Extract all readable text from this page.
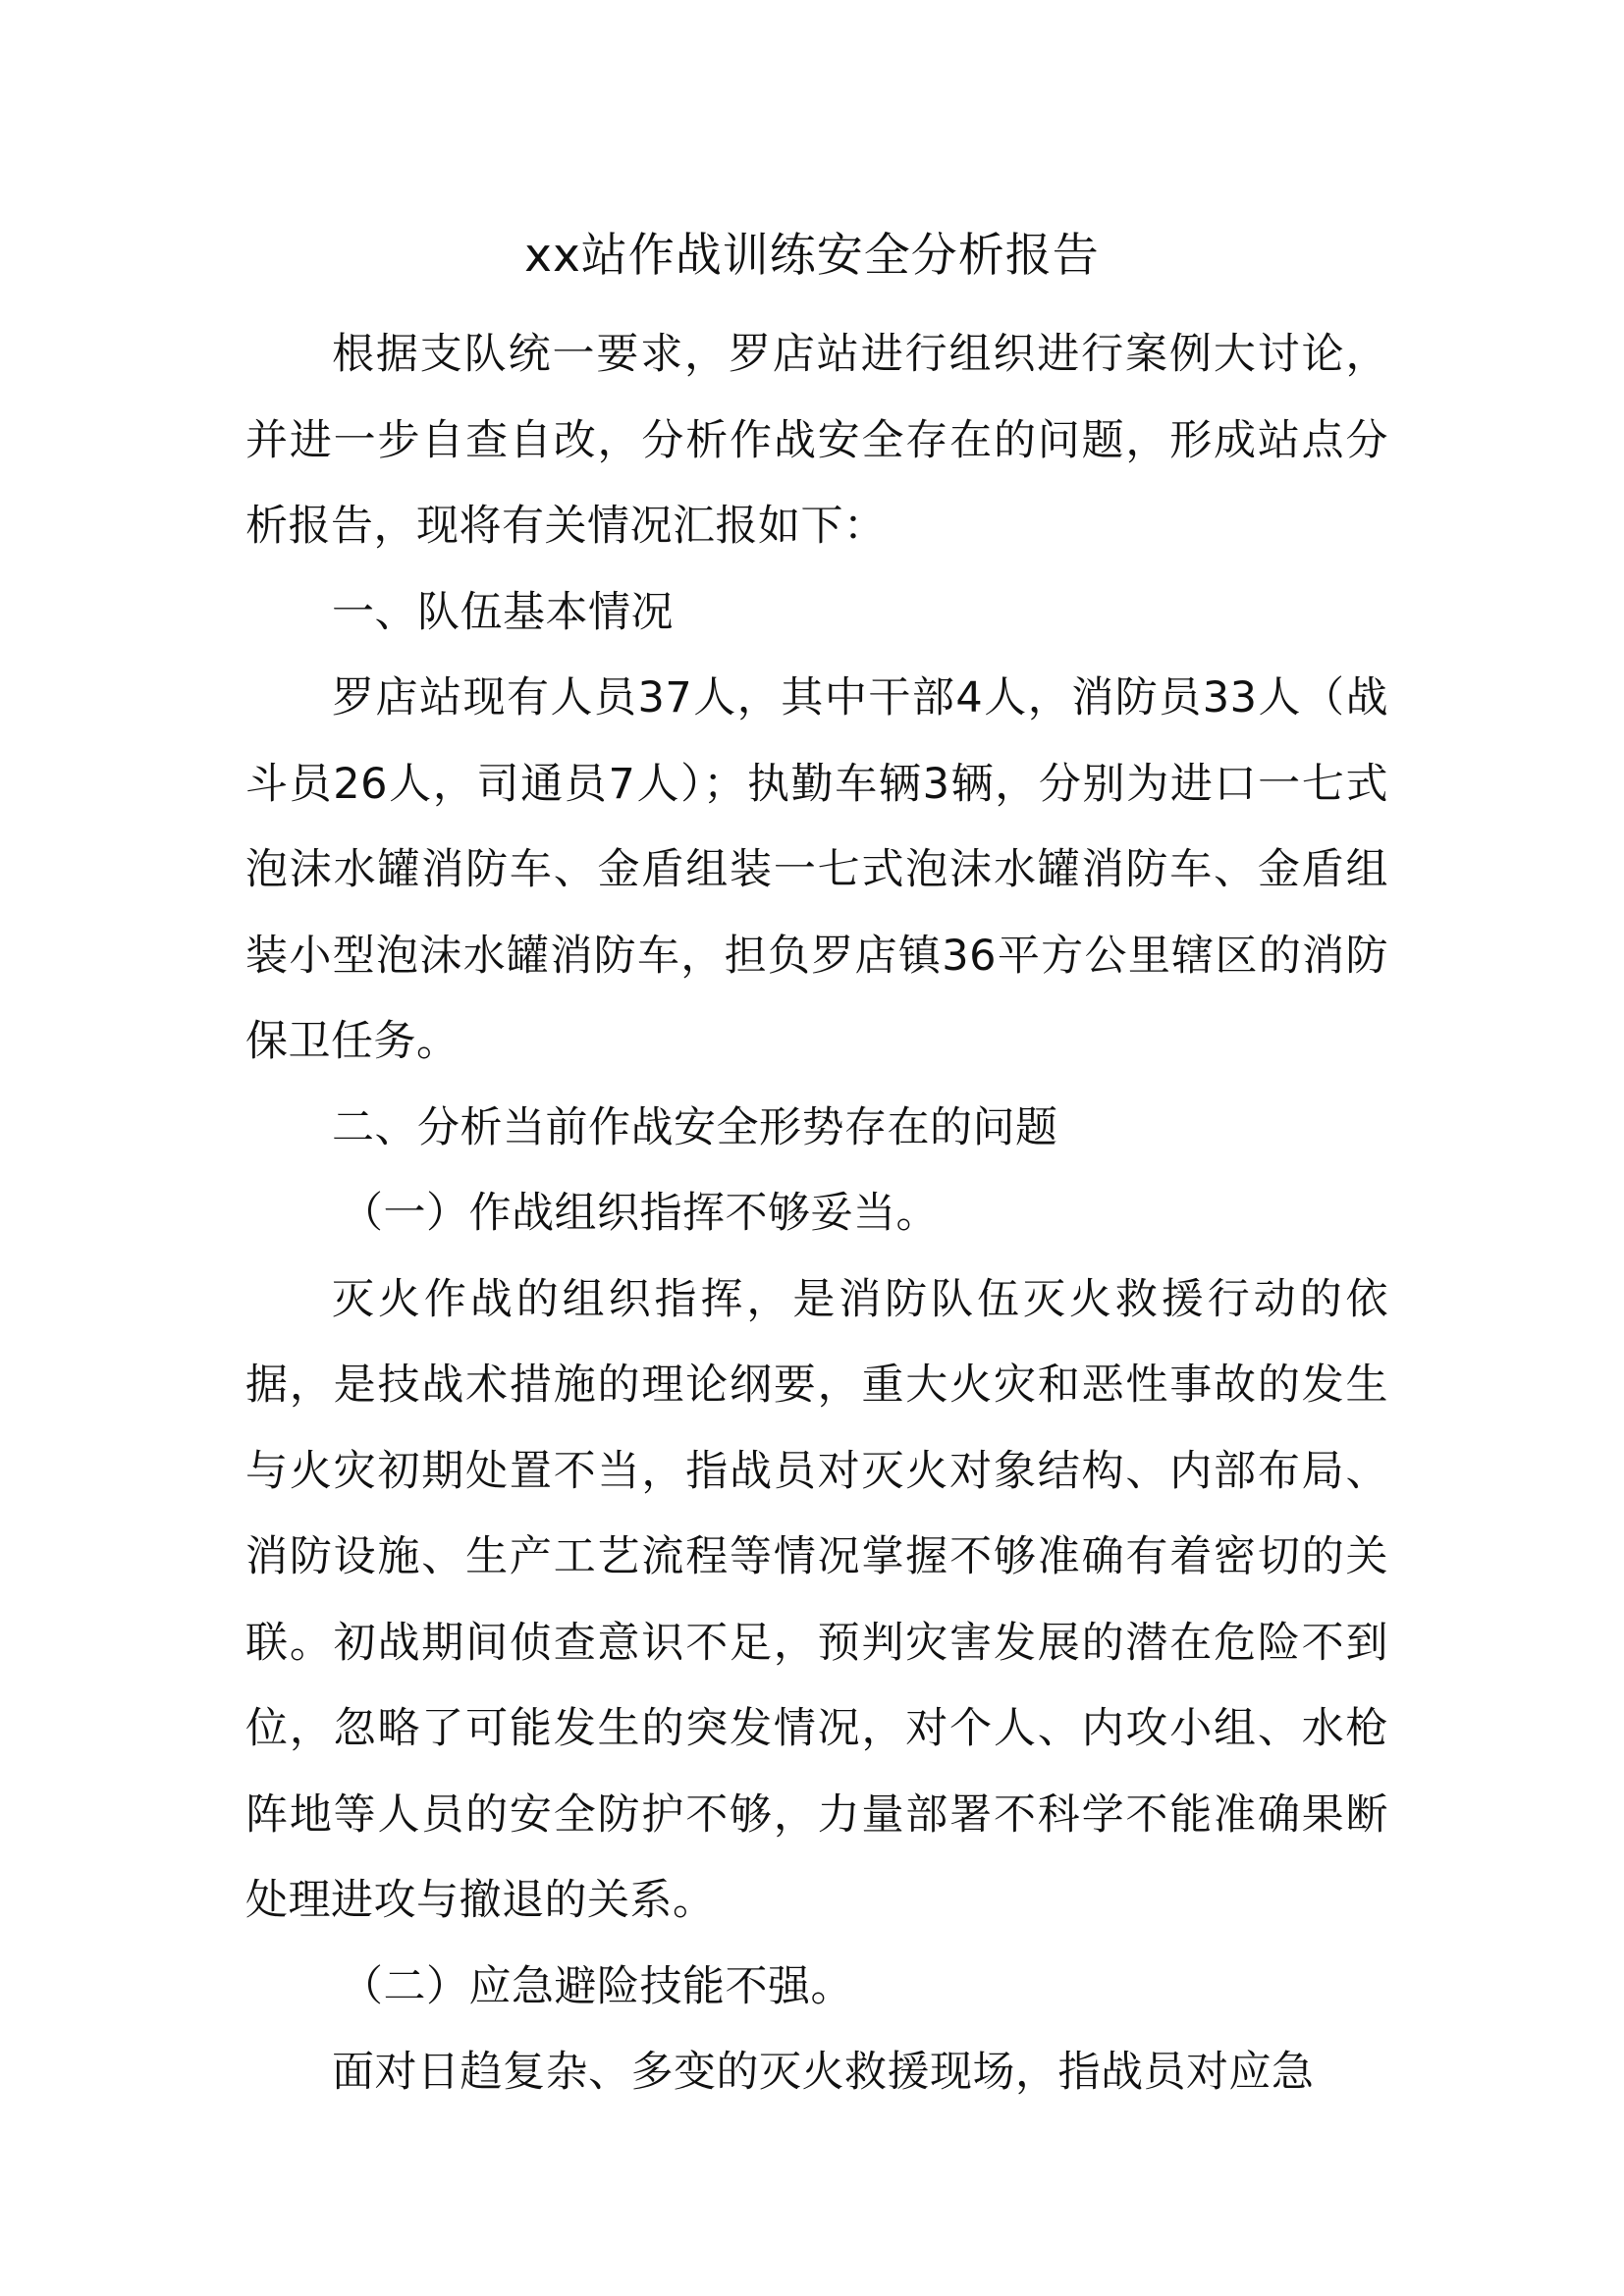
xx站作战训练安全分析报告

根据支队统一要求，罗店站进行组织进行案例大讨论，并进一步自查自改，分析作战安全存在的问题，形成站点分析报告，现将有关情况汇报如下：

一、队伍基本情况

罗店站现有人员37人，其中干部4人，消防员33人（战斗员26人，司通员7人）；执勤车辆3辆，分别为进口一七式泡沫水罐消防车、金盾组装一七式泡沫水罐消防车、金盾组装小型泡沫水罐消防车，担负罗店镇36平方公里辖区的消防保卫任务。

二、分析当前作战安全形势存在的问题

（一）作战组织指挥不够妥当。

灭火作战的组织指挥，是消防队伍灭火救援行动的依据，是技战术措施的理论纲要，重大火灾和恶性事故的发生与火灾初期处置不当，指战员对灭火对象结构、内部布局、消防设施、生产工艺流程等情况掌握不够准确有着密切的关联。初战期间侦查意识不足，预判灾害发展的潜在危险不到位，忽略了可能发生的突发情况，对个人、内攻小组、水枪阵地等人员的安全防护不够，力量部署不科学不能准确果断处理进攻与撤退的关系。

（二）应急避险技能不强。

面对日趋复杂、多变的灭火救援现场，指战员对应急
